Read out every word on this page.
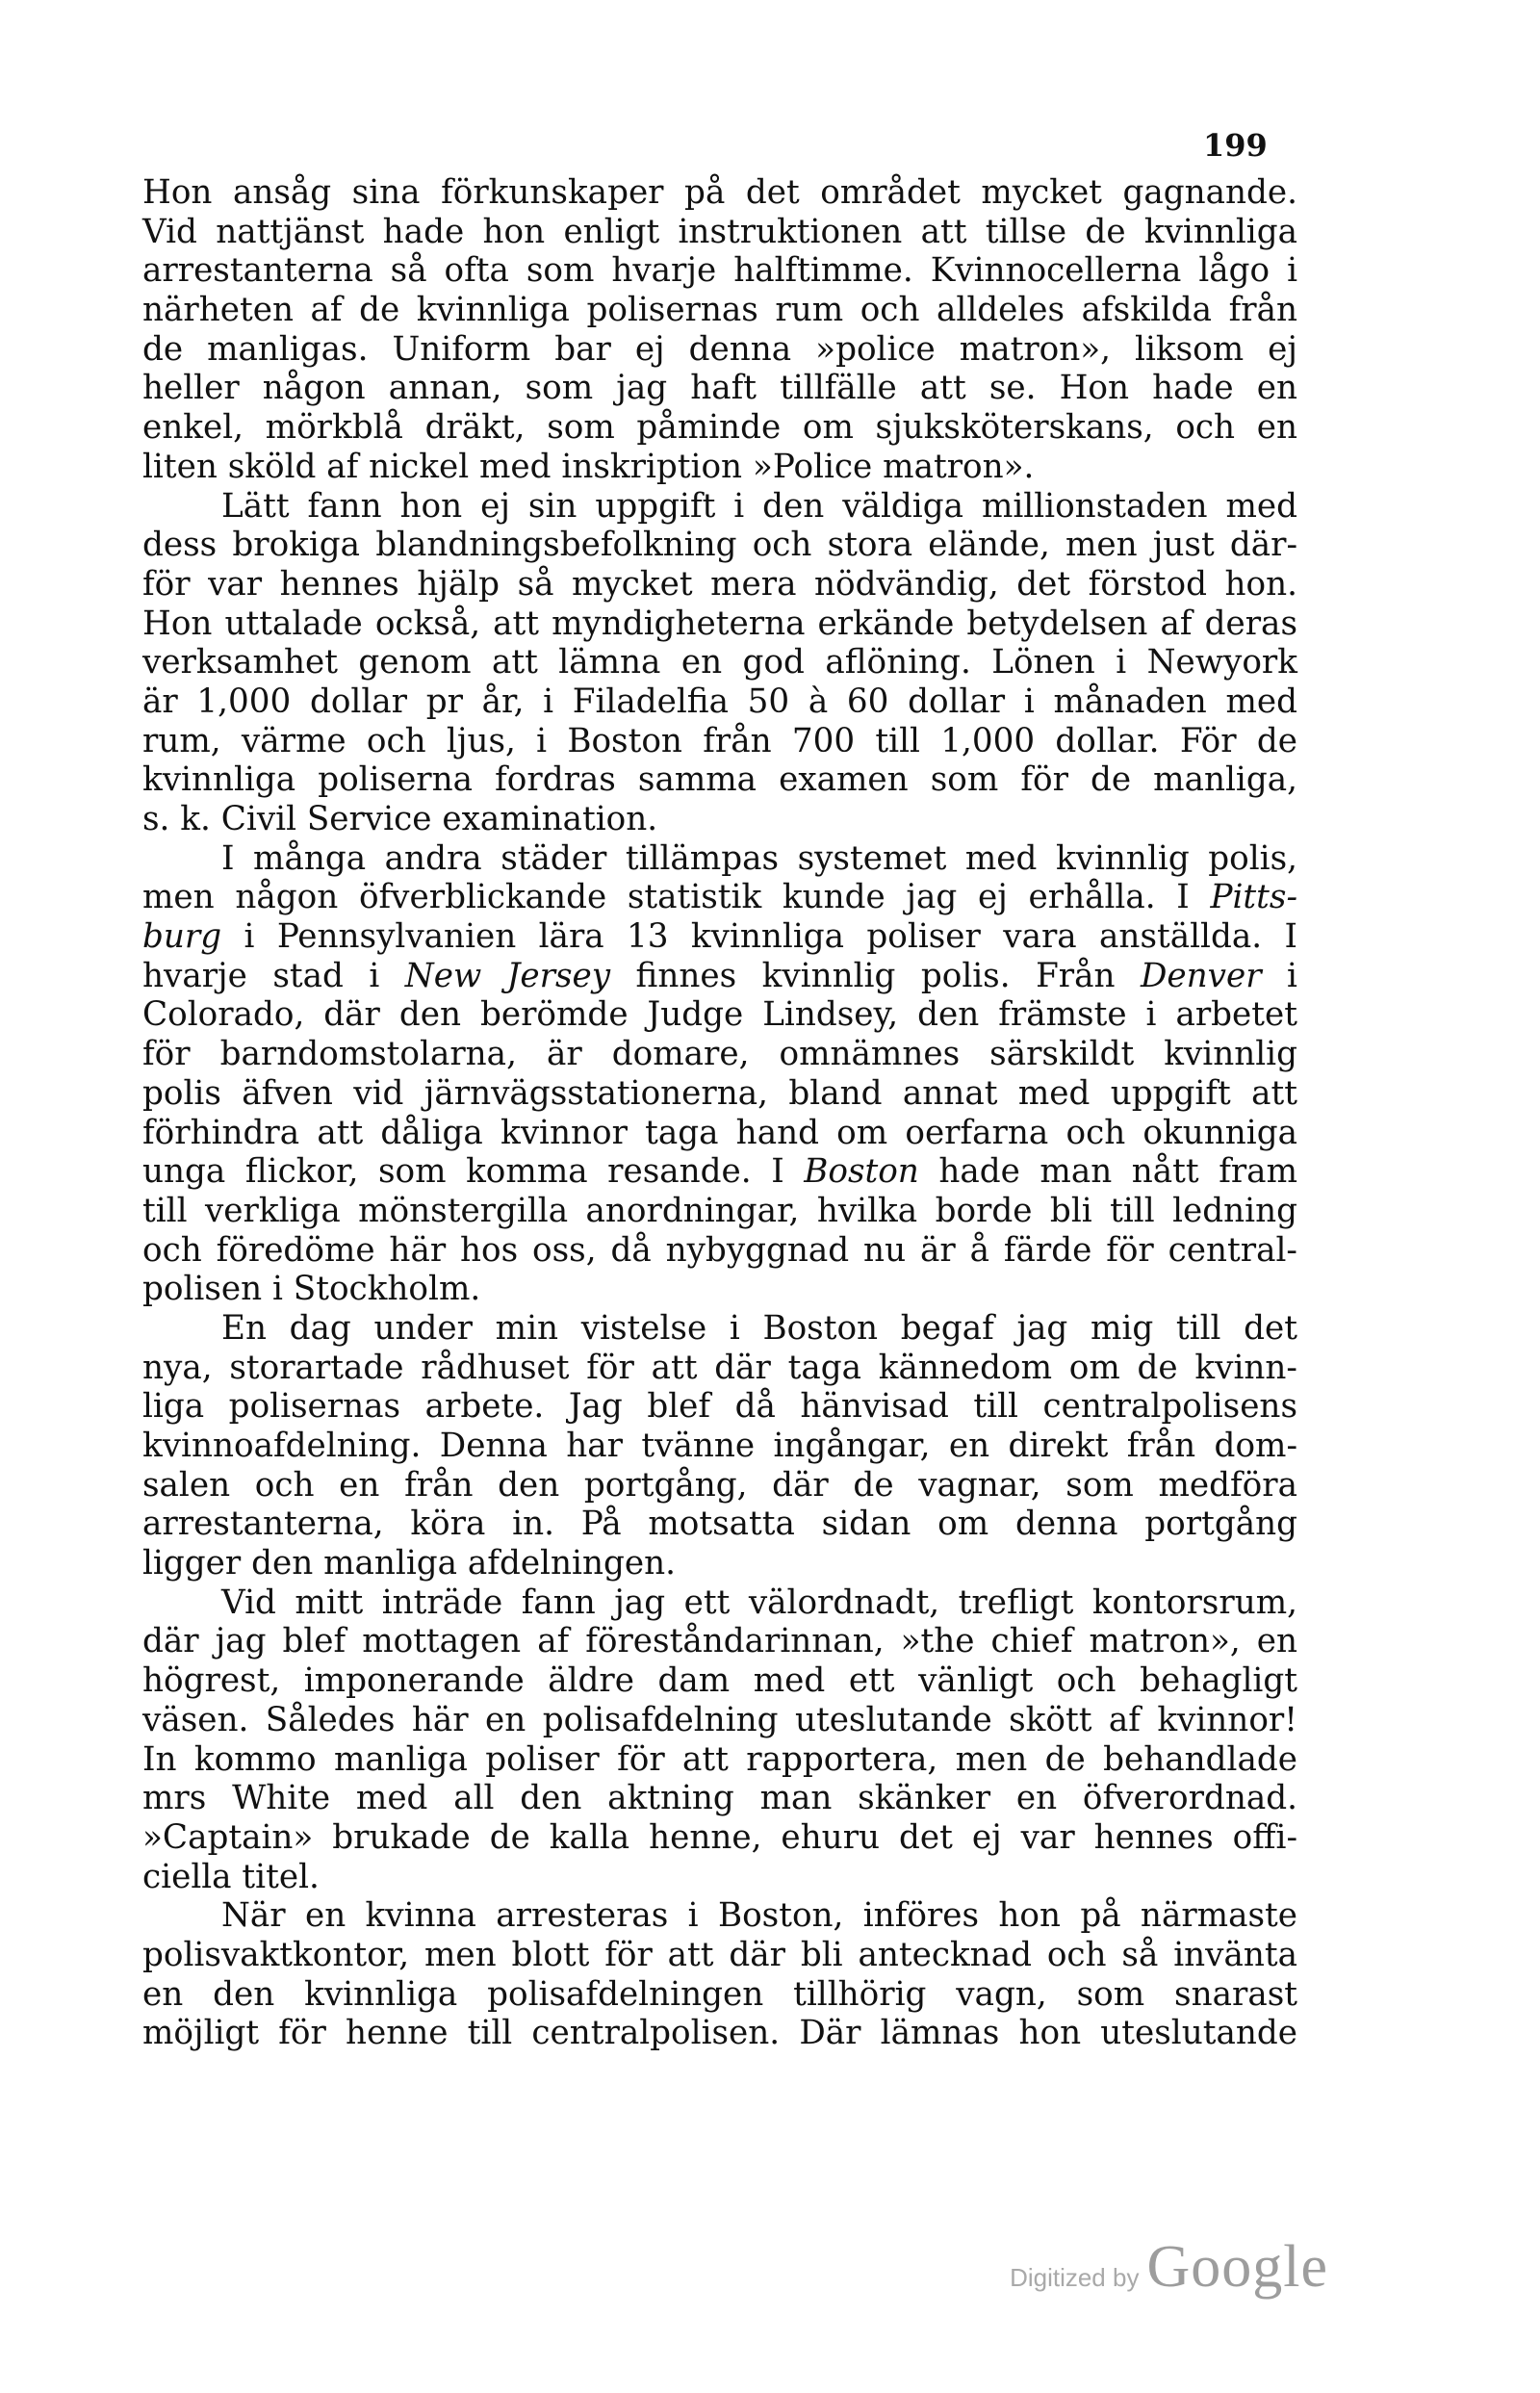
199
Hon ansåg sina förkunskaper på det området mycket gagnande.
Vid nattjänst hade hon enligt instruktionen att tillse de kvinnliga
arrestanterna så ofta som hvarje halftimme. Kvinnocellerna lågo i
närheten af de kvinnliga polisernas rum och alldeles afskilda från
de manligas. Uniform bar ej denna »police matron», liksom ej
heller någon annan, som jag haft tillfälle att se. Hon hade en
enkel, mörkblå dräkt, som påminde om sjuksköterskans, och en
liten sköld af nickel med inskription »Police matron».
Lätt fann hon ej sin uppgift i den väldiga millionstaden med
dess brokiga blandningsbefolkning och stora elände, men just där-
för var hennes hjälp så mycket mera nödvändig, det förstod hon.
Hon uttalade också, att myndigheterna erkände betydelsen af deras
verksamhet genom att lämna en god aflöning. Lönen i Newyork
är 1,000 dollar pr år, i Filadelfia 50 à 60 dollar i månaden med
rum, värme och ljus, i Boston från 700 till 1,000 dollar. För de
kvinnliga poliserna fordras samma examen som för de manliga,
s. k. Civil Service examination.
I många andra städer tillämpas systemet med kvinnlig polis,
men någon öfverblickande statistik kunde jag ej erhålla. I Pitts-
burg i Pennsylvanien lära 13 kvinnliga poliser vara anställda. I
hvarje stad i New Jersey finnes kvinnlig polis. Från Denver i
Colorado, där den berömde Judge Lindsey, den främste i arbetet
för barndomstolarna, är domare, omnämnes särskildt kvinnlig
polis äfven vid järnvägsstationerna, bland annat med uppgift att
förhindra att dåliga kvinnor taga hand om oerfarna och okunniga
unga flickor, som komma resande. I Boston hade man nått fram
till verkliga mönstergilla anordningar, hvilka borde bli till ledning
och föredöme här hos oss, då nybyggnad nu är å färde för central-
polisen i Stockholm.
En dag under min vistelse i Boston begaf jag mig till det
nya, storartade rådhuset för att där taga kännedom om de kvinn-
liga polisernas arbete. Jag blef då hänvisad till centralpolisens
kvinnoafdelning. Denna har tvänne ingångar, en direkt från dom-
salen och en från den portgång, där de vagnar, som medföra
arrestanterna, köra in. På motsatta sidan om denna portgång
ligger den manliga afdelningen.
Vid mitt inträde fann jag ett välordnadt, trefligt kontorsrum,
där jag blef mottagen af föreståndarinnan, »the chief matron», en
högrest, imponerande äldre dam med ett vänligt och behagligt
väsen. Således här en polisafdelning uteslutande skött af kvinnor!
In kommo manliga poliser för att rapportera, men de behandlade
mrs White med all den aktning man skänker en öfverordnad.
»Captain» brukade de kalla henne, ehuru det ej var hennes offi-
ciella titel.
När en kvinna arresteras i Boston, införes hon på närmaste
polisvaktkontor, men blott för att där bli antecknad och så invänta
en den kvinnliga polisafdelningen tillhörig vagn, som snarast
möjligt för henne till centralpolisen. Där lämnas hon uteslutande
Digitized by Google
